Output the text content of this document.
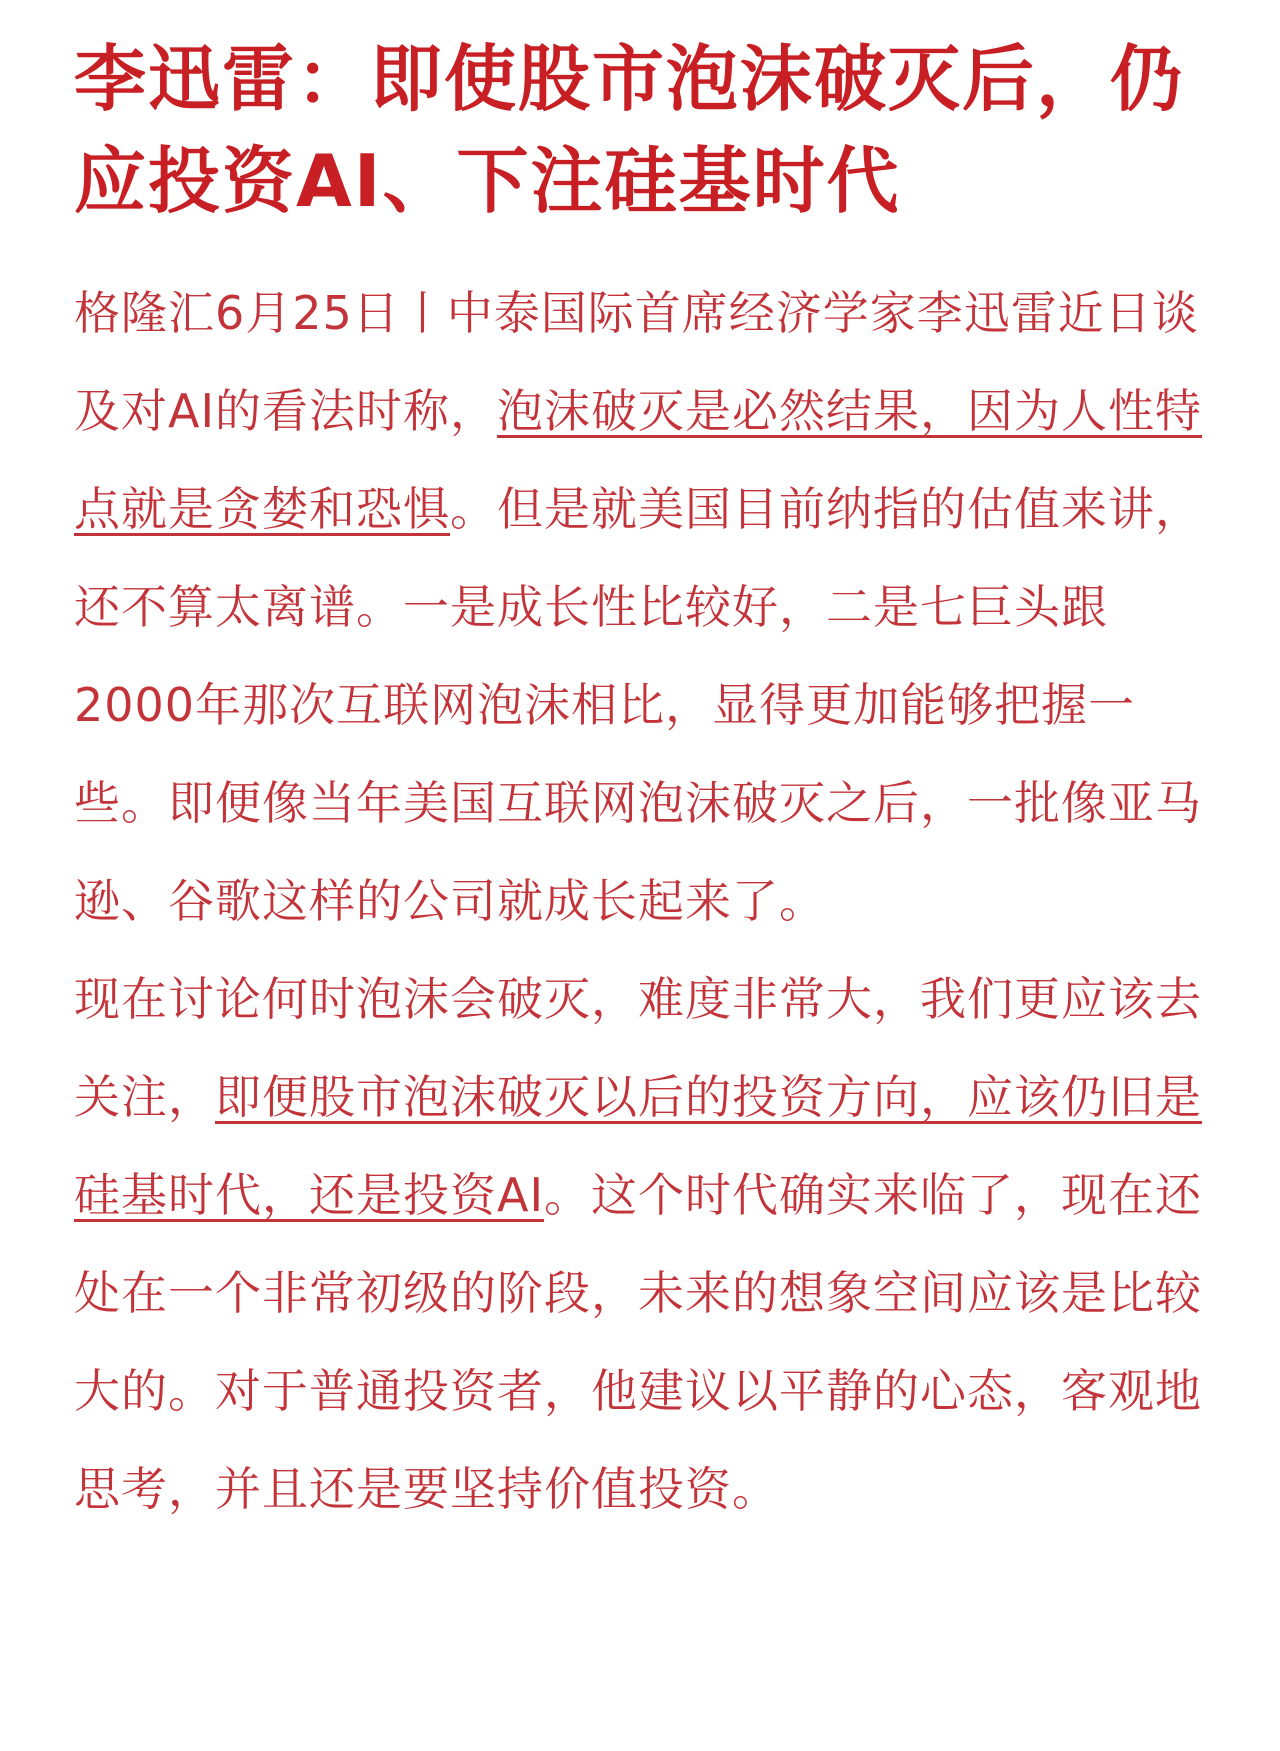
李迅雷：即使股市泡沫破灭后，仍应投资AI、下注硅基时代

格隆汇6月25日丨中泰国际首席经济学家李迅雷近日谈及对AI的看法时称，泡沫破灭是必然结果，因为人性特点就是贪婪和恐惧。但是就美国目前纳指的估值来讲，还不算太离谱。一是成长性比较好，二是七巨头跟2000年那次互联网泡沫相比，显得更加能够把握一些。即便像当年美国互联网泡沫破灭之后，一批像亚马逊、谷歌这样的公司就成长起来了。

现在讨论何时泡沫会破灭，难度非常大，我们更应该去关注，即便股市泡沫破灭以后的投资方向，应该仍旧是硅基时代，还是投资AI。这个时代确实来临了，现在还处在一个非常初级的阶段，未来的想象空间应该是比较大的。对于普通投资者，他建议以平静的心态，客观地思考，并且还是要坚持价值投资。
